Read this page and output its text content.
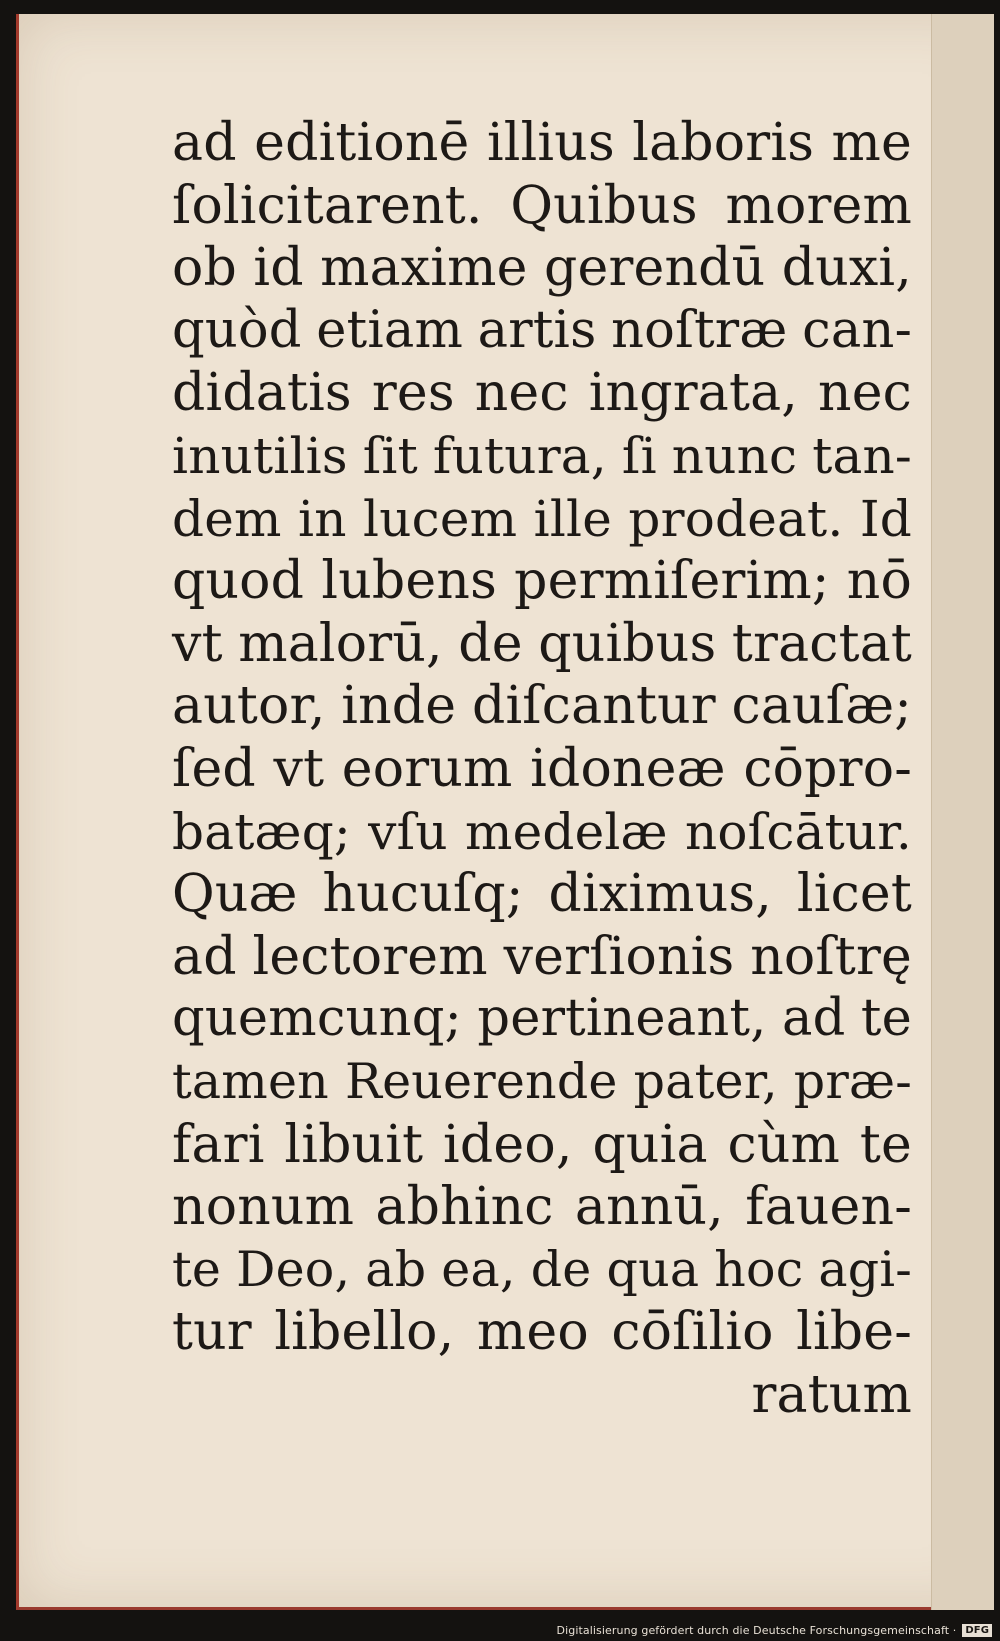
ad editionē illius laboris me
ſolicitarent. Quibus morem
ob id maxime gerendū duxi,
quòd etiam artis noſtræ can-
didatis res nec ingrata, nec
inutilis ſit futura, ſi nunc tan-
dem in lucem ille prodeat. Id
quod lubens permiſerim; nō
vt malorū, de quibus tractat
autor, inde diſcantur cauſæ;
ſed vt eorum idoneæ cōpro-
batæq; vſu medelæ noſcātur.
Quæ hucuſq; diximus, licet
ad lectorem verſionis noſtrę
quemcunq; pertineant, ad te
tamen Reuerende pater, præ-
fari libuit ideo, quia cùm te
nonum abhinc annū, fauen-
te Deo, ab ea, de qua hoc agi-
tur libello, meo cōſilio libe-
ratum
Digitalisierung gefördert durch die Deutsche Forschungsgemeinschaft · DFG
